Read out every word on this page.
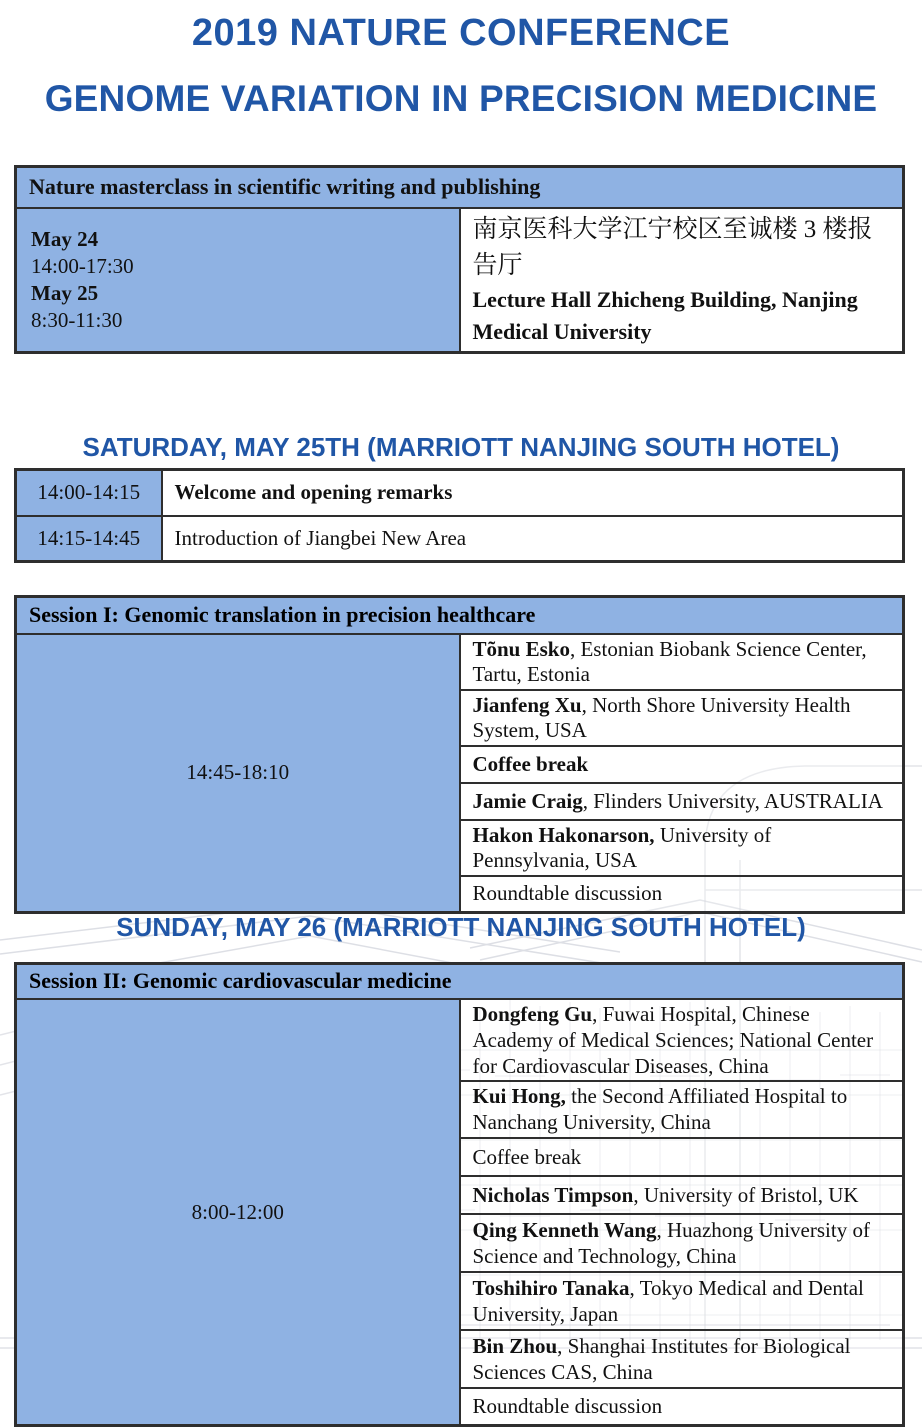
2019 NATURE CONFERENCE
GENOME VARIATION IN PRECISION MEDICINE
Nature masterclass in scientific writing and publishing

May 24
14:00-17:30
May 25
8:30-11:30

南京医科大学江宁校区至诚楼 3 楼报告厅
Lecture Hall Zhicheng Building, Nanjing Medical University
SATURDAY, MAY 25TH (MARRIOTT NANJING SOUTH HOTEL)
14:00-14:15	Welcome and opening remarks
14:15-14:45	Introduction of Jiangbei New Area
Session I: Genomic translation in precision healthcare
14:45-18:10	Tõnu Esko, Estonian Biobank Science Center, Tartu, Estonia
Jianfeng Xu, North Shore University Health System, USA
Coffee break
Jamie Craig, Flinders University, AUSTRALIA
Hakon Hakonarson, University of Pennsylvania, USA
Roundtable discussion
SUNDAY, MAY 26 (MARRIOTT NANJING SOUTH HOTEL)
Session II: Genomic cardiovascular medicine
8:00-12:00	Dongfeng Gu, Fuwai Hospital, Chinese Academy of Medical Sciences; National Center for Cardiovascular Diseases, China
Kui Hong, the Second Affiliated Hospital to Nanchang University, China
Coffee break
Nicholas Timpson, University of Bristol, UK
Qing Kenneth Wang, Huazhong University of Science and Technology, China
Toshihiro Tanaka, Tokyo Medical and Dental University, Japan
Bin Zhou, Shanghai Institutes for Biological Sciences CAS, China
Roundtable discussion
